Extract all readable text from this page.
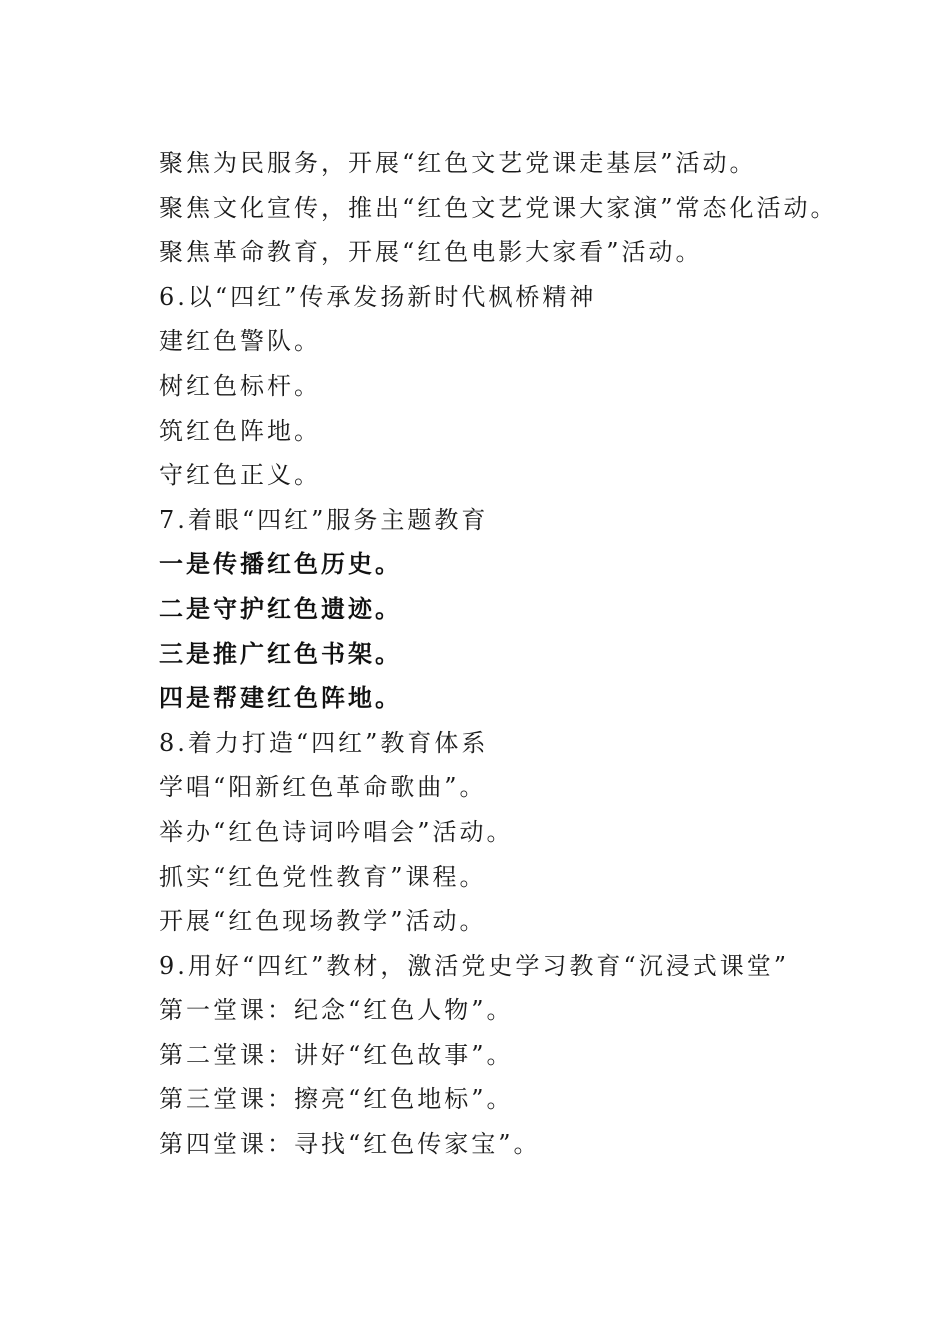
聚焦为民服务，开展“红色文艺党课走基层”活动。
聚焦文化宣传，推出“红色文艺党课大家演”常态化活动。
聚焦革命教育，开展“红色电影大家看”活动。
6.以“四红”传承发扬新时代枫桥精神
建红色警队。
树红色标杆。
筑红色阵地。
守红色正义。
7.着眼“四红”服务主题教育
一是传播红色历史。
二是守护红色遗迹。
三是推广红色书架。
四是帮建红色阵地。
8.着力打造“四红”教育体系
学唱“阳新红色革命歌曲”。
举办“红色诗词吟唱会”活动。
抓实“红色党性教育”课程。
开展“红色现场教学”活动。
9.用好“四红”教材，激活党史学习教育“沉浸式课堂”
第一堂课：纪念“红色人物”。
第二堂课：讲好“红色故事”。
第三堂课：擦亮“红色地标”。
第四堂课：寻找“红色传家宝”。
